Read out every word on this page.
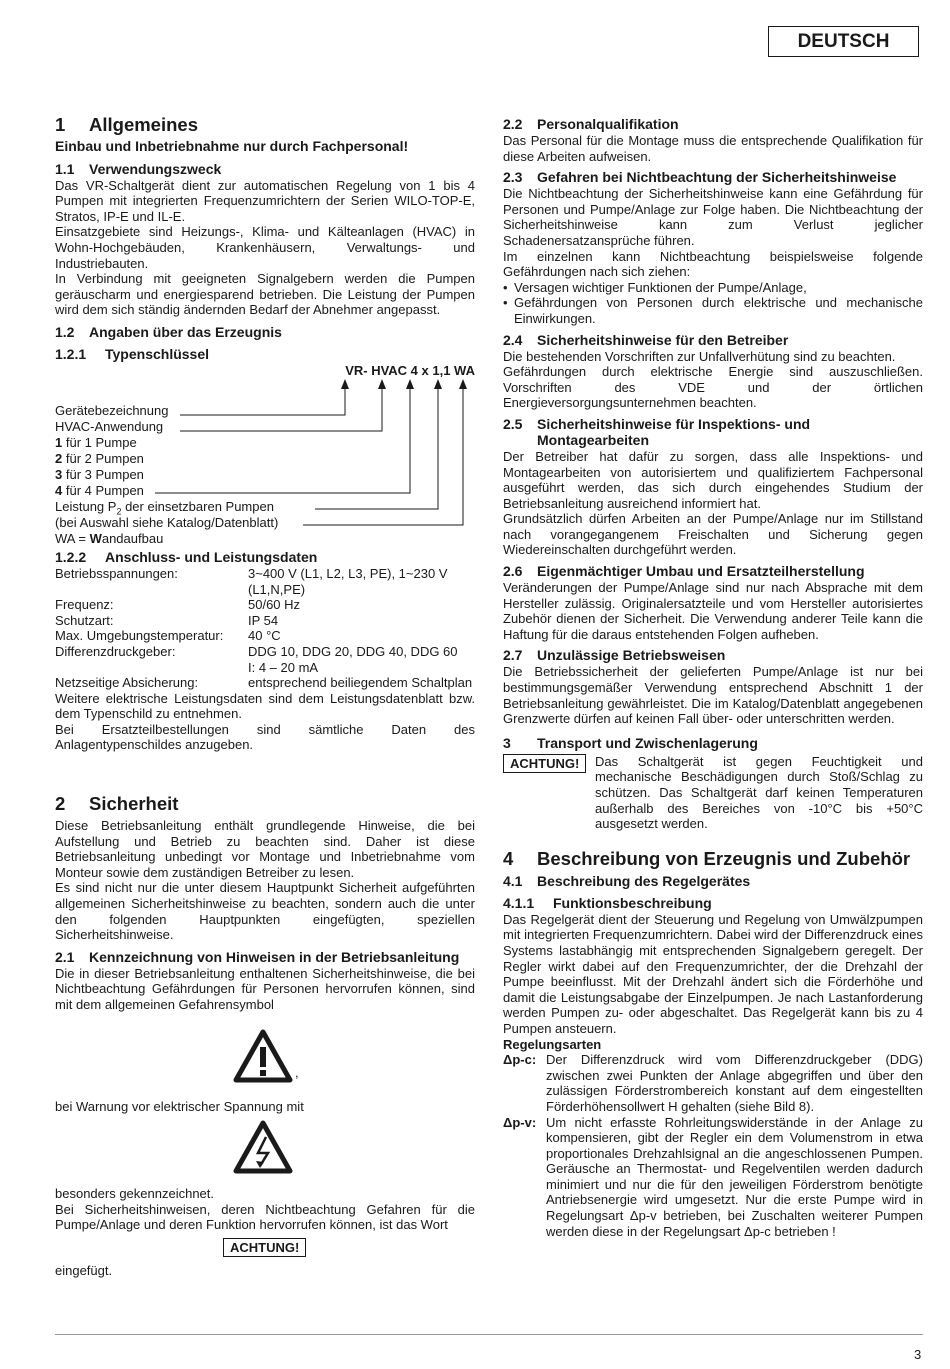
DEUTSCH
1	Allgemeines
Einbau und Inbetriebnahme nur durch Fachpersonal!
1.1	Verwendungszweck

Das VR-Schaltgerät dient zur automatischen Regelung von 1 bis 4 Pumpen mit integrierten Frequenzumrichtern der Serien WILO-TOP-E, Stratos, IP-E und IL-E.

Einsatzgebiete sind Heizungs-, Klima- und Kälteanlagen (HVAC) in Wohn-Hochgebäuden, Krankenhäusern, Verwaltungs- und Industriebauten.

In Verbindung mit geeigneten Signalgebern werden die Pumpen geräuscharm und energiesparend betrieben. Die Leistung der Pumpen wird dem sich ständig ändernden Bedarf der Abnehmer angepasst.

1.2	Angaben über das Erzeugnis
1.2.1	Typenschlüssel
VR- HVAC 4 x 1,1 WA
Gerätebezeichnung
HVAC-Anwendung
1 für 1 Pumpe
2 für 2 Pumpen
3 für 3 Pumpen
4 für 4 Pumpen
Leistung $P_2$ der einsetzbaren Pumpen
(bei Auswahl siehe Katalog/Datenblatt)
WA = Wandaufbau
1.2.2	Anschluss- und Leistungsdaten
Betriebsspannungen:	3~400 V (L1, L2, L3, PE), 1~230 V (L1,N,PE)
Frequenz:	50/60 Hz
Schutzart:	IP 54
Max. Umgebungstemperatur:	40 °C
Differenzdruckgeber:	DDG 10, DDG 20, DDG 40, DDG 60
I: 4 – 20 mA
Netzseitige Absicherung:	entsprechend beiliegendem Schaltplan

Weitere elektrische Leistungsdaten sind dem Leistungsdatenblatt bzw. dem Typenschild zu entnehmen.

Bei Ersatzteilbestellungen sind sämtliche Daten des Anlagentypenschildes anzugeben.

2	Sicherheit

Diese Betriebsanleitung enthält grundlegende Hinweise, die bei Aufstellung und Betrieb zu beachten sind. Daher ist diese Betriebsanleitung unbedingt vor Montage und Inbetriebnahme vom Monteur sowie dem zuständigen Betreiber zu lesen.

Es sind nicht nur die unter diesem Hauptpunkt Sicherheit aufgeführten allgemeinen Sicherheitshinweise zu beachten, sondern auch die unter den folgenden Hauptpunkten eingefügten, speziellen Sicherheitshinweise.

2.1	Kennzeichnung von Hinweisen in der Betriebsanleitung

Die in dieser Betriebsanleitung enthaltenen Sicherheitshinweise, die bei Nichtbeachtung Gefährdungen für Personen hervorrufen können, sind mit dem allgemeinen Gefahrensymbol

,

bei Warnung vor elektrischer Spannung mit

besonders gekennzeichnet.

Bei Sicherheitshinweisen, deren Nichtbeachtung Gefahren für die Pumpe/Anlage und deren Funktion hervorrufen können, ist das Wort

ACHTUNG!

eingefügt.

2.2	Personalqualifikation

Das Personal für die Montage muss die entsprechende Qualifikation für diese Arbeiten aufweisen.

2.3	Gefahren bei Nichtbeachtung der Sicherheitshinweise

Die Nichtbeachtung der Sicherheitshinweise kann eine Gefährdung für Personen und Pumpe/Anlage zur Folge haben. Die Nichtbeachtung der Sicherheitshinweise kann zum Verlust jeglicher Schadenersatzansprüche führen.

Im einzelnen kann Nichtbeachtung beispielsweise folgende Gefährdungen nach sich ziehen:

• Versagen wichtiger Funktionen der Pumpe/Anlage,
• Gefährdungen von Personen durch elektrische und mechanische Einwirkungen.
2.4	Sicherheitshinweise für den Betreiber

Die bestehenden Vorschriften zur Unfallverhütung sind zu beachten.

Gefährdungen durch elektrische Energie sind auszuschließen. Vorschriften des VDE und der örtlichen Energieversorgungsunternehmen beachten.

2.5	Sicherheitshinweise für Inspektions- und Montagearbeiten

Der Betreiber hat dafür zu sorgen, dass alle Inspektions- und Montagearbeiten von autorisiertem und qualifiziertem Fachpersonal ausgeführt werden, das sich durch eingehendes Studium der Betriebsanleitung ausreichend informiert hat.

Grundsätzlich dürfen Arbeiten an der Pumpe/Anlage nur im Stillstand nach vorangegangenem Freischalten und Sicherung gegen Wiedereinschalten durchgeführt werden.

2.6	Eigenmächtiger Umbau und Ersatzteilherstellung

Veränderungen der Pumpe/Anlage sind nur nach Absprache mit dem Hersteller zulässig. Originalersatzteile und vom Hersteller autorisiertes Zubehör dienen der Sicherheit. Die Verwendung anderer Teile kann die Haftung für die daraus entstehenden Folgen aufheben.

2.7	Unzulässige Betriebsweisen

Die Betriebssicherheit der gelieferten Pumpe/Anlage ist nur bei bestimmungsgemäßer Verwendung entsprechend Abschnitt 1 der Betriebsanleitung gewährleistet. Die im Katalog/Datenblatt angegebenen Grenzwerte dürfen auf keinen Fall über- oder unterschritten werden.

3	Transport und Zwischenlagerung
ACHTUNG!	Das Schaltgerät ist gegen Feuchtigkeit und mechanische Beschädigungen durch Stoß/Schlag zu schützen. Das Schaltgerät darf keinen Temperaturen außerhalb des Bereiches von -10°C bis +50°C ausgesetzt werden.

4	Beschreibung von Erzeugnis und Zubehör
4.1	Beschreibung des Regelgerätes
4.1.1	Funktionsbeschreibung

Das Regelgerät dient der Steuerung und Regelung von Umwälzpumpen mit integrierten Frequenzumrichtern. Dabei wird der Differenzdruck eines Systems lastabhängig mit entsprechenden Signalgebern geregelt. Der Regler wirkt dabei auf den Frequenzumrichter, der die Drehzahl der Pumpe beeinflusst. Mit der Drehzahl ändert sich die Förderhöhe und damit die Leistungsabgabe der Einzelpumpen. Je nach Lastanforderung werden Pumpen zu- oder abgeschaltet. Das Regelgerät kann bis zu 4 Pumpen ansteuern.

Regelungsarten
Δp-c: Der Differenzdruck wird vom Differenzdruckgeber (DDG) zwischen zwei Punkten der Anlage abgegriffen und über den zulässigen Förderstrombereich konstant auf dem eingestellten Förderhöhensollwert H gehalten (siehe Bild 8).
Δp-v: Um nicht erfasste Rohrleitungswiderstände in der Anlage zu kompensieren, gibt der Regler ein dem Volumenstrom in etwa proportionales Drehzahlsignal an die angeschlossenen Pumpen. Geräusche an Thermostat- und Regelventilen werden dadurch minimiert und nur die für den jeweiligen Förderstrom benötigte Antriebsenergie wird umgesetzt. Nur die erste Pumpe wird in Regelungsart Δp-v betrieben, bei Zuschalten weiterer Pumpen werden diese in der Regelungsart Δp-c betrieben !
3
